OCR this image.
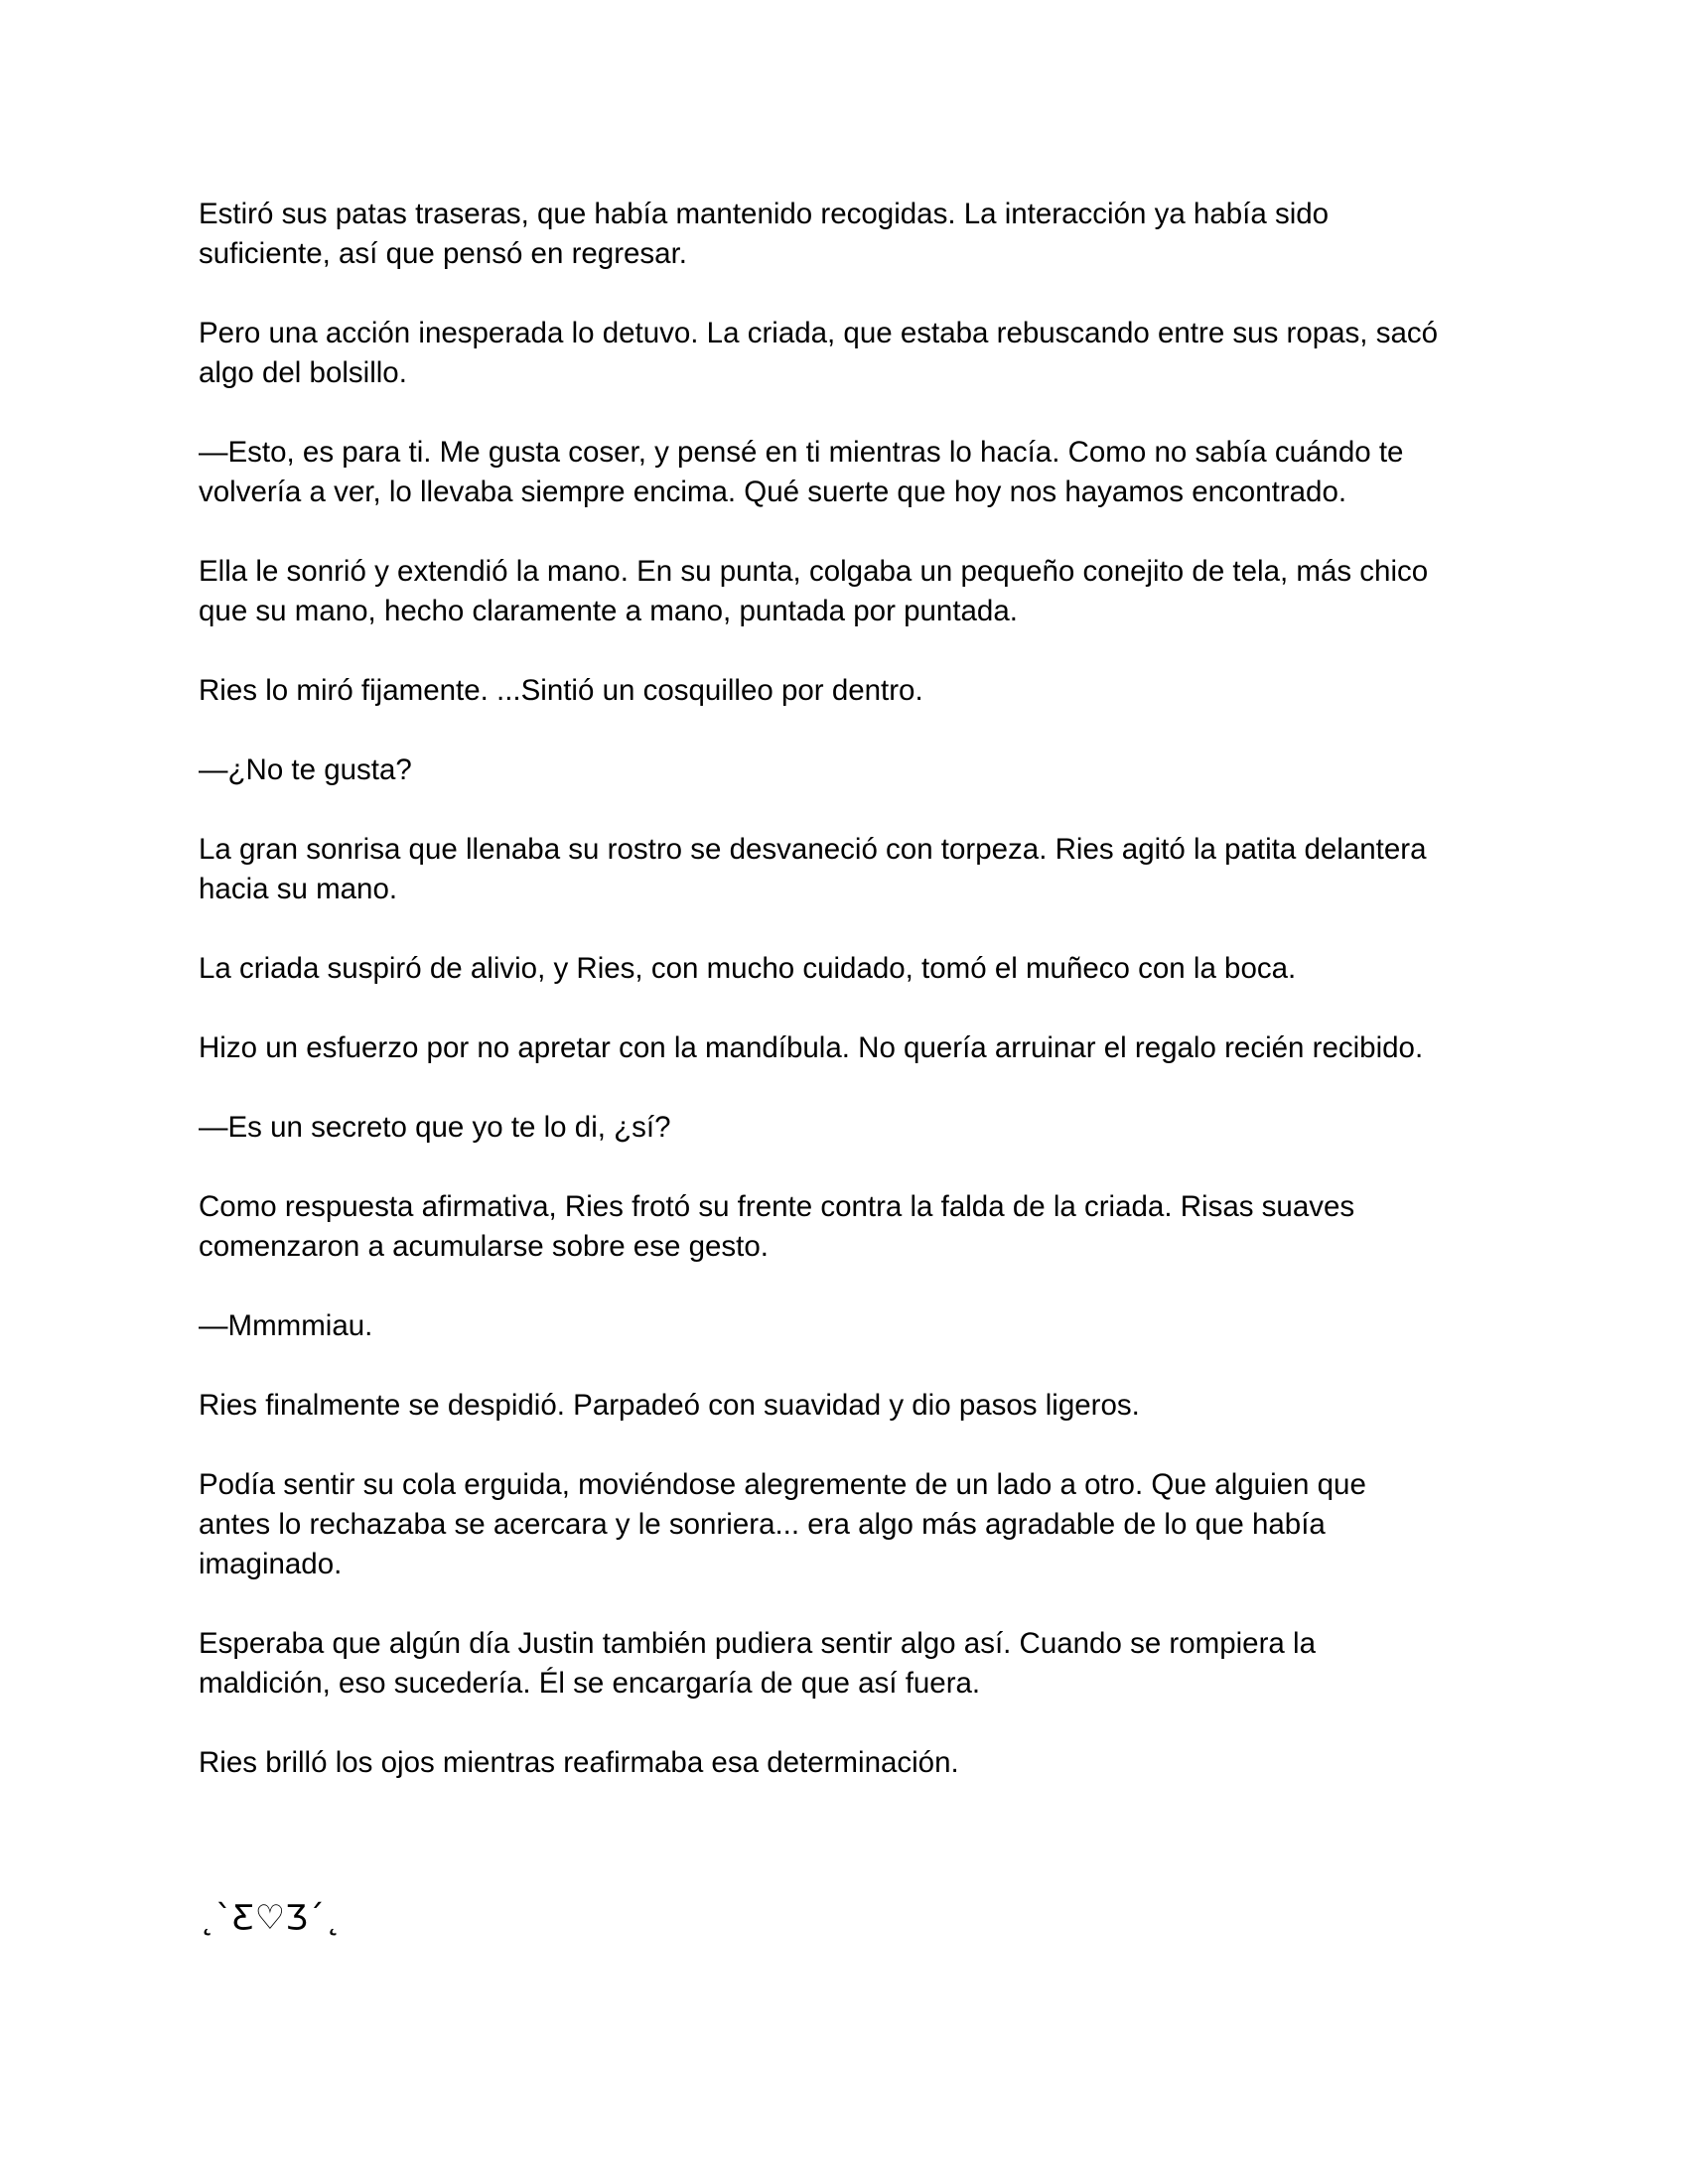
Estiró sus patas traseras, que había mantenido recogidas. La interacción ya había sido
suficiente, así que pensó en regresar.

Pero una acción inesperada lo detuvo. La criada, que estaba rebuscando entre sus ropas, sacó
algo del bolsillo.

—Esto, es para ti. Me gusta coser, y pensé en ti mientras lo hacía. Como no sabía cuándo te
volvería a ver, lo llevaba siempre encima. Qué suerte que hoy nos hayamos encontrado.

Ella le sonrió y extendió la mano. En su punta, colgaba un pequeño conejito de tela, más chico
que su mano, hecho claramente a mano, puntada por puntada.

Ries lo miró fijamente. ...Sintió un cosquilleo por dentro.

—¿No te gusta?

La gran sonrisa que llenaba su rostro se desvaneció con torpeza. Ries agitó la patita delantera
hacia su mano.

La criada suspiró de alivio, y Ries, con mucho cuidado, tomó el muñeco con la boca.

Hizo un esfuerzo por no apretar con la mandíbula. No quería arruinar el regalo recién recibido.

—Es un secreto que yo te lo di, ¿sí?

Como respuesta afirmativa, Ries frotó su frente contra la falda de la criada. Risas suaves
comenzaron a acumularse sobre ese gesto.

—Mmmmiau.

Ries finalmente se despidió. Parpadeó con suavidad y dio pasos ligeros.

Podía sentir su cola erguida, moviéndose alegremente de un lado a otro. Que alguien que
antes lo rechazaba se acercara y le sonriera... era algo más agradable de lo que había
imaginado.

Esperaba que algún día Justin también pudiera sentir algo así. Cuando se rompiera la
maldición, eso sucedería. Él se encargaría de que así fuera.

Ries brilló los ojos mientras reafirmaba esa determinación.

˛ˋƸ♡Ʒˊ˛
